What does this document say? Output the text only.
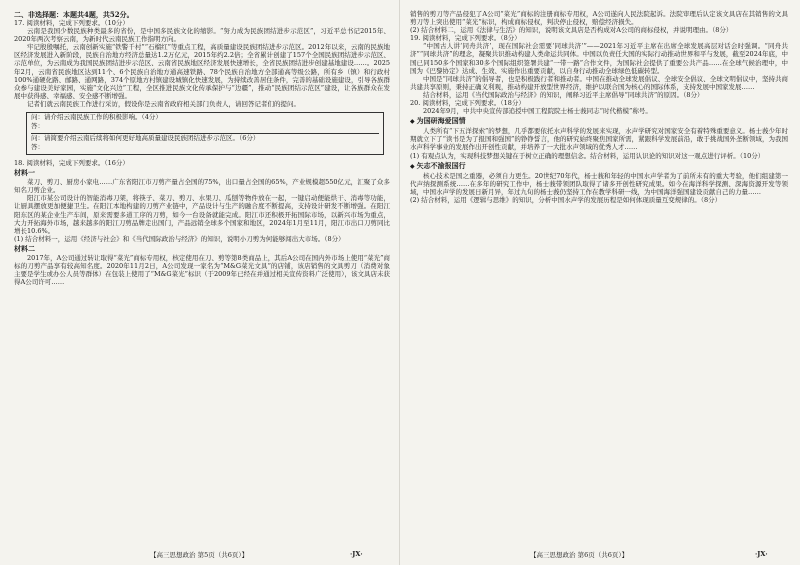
二、非选择题：本题共4题，共52分。

17. 阅读材料，完成下列要求。（10分）

云南是我国少数民族种类最多的省份，是中国多民族文化的缩影。“努力成为民族团结进步示范区”，习近平总书记2015年、2020年两次考察云南，为新时代云南民族工作指明方向。

牢记殷殷嘱托，云南创新实施“铁警千村”“石榴红”等重点工程，高质量建设民族团结进步示范区。2012年以来，云南的民族地区经济发展进入新阶段，民族自治地方经济总量达1.2万亿元，2015年约2.2倍；全省累计创建了157个全国民族团结进步示范区、示范单位，为云南成为我国民族团结进步示范区、云南省民族地区经济发展快速增长，全省民族团结进步创建基地建设……。2025年2月，云南省民族地区达到11个、6个民族自治地方通高速铁路、78个民族自治地方全部通高等级公路，所有乡（镇）和行政村100%通硬化路、邮路、通网路，374个原地方村镇建设城镇化快速发展，为持续改善居住条件，完善的基础设施建设，引导各族群众参与建设美好家园，实施“文化兴边”工程，全区推进民族文化传承保护与“边疆”，推动“民族团结示范区”建设，让各族群众在发展中获得感、幸福感、安全感不断增强。

记者们就云南民族工作进行采访，假设你是云南省政府相关部门负责人，请回答记者们的提问。

问：请介绍云南民族工作的积极影响。（4分）
答：
问：请简要介绍云南后续将如何更好地高质量建设民族团结进步示范区。（6分）
答：

18. 阅读材料，完成下列要求。（16分）

材料一

菜刀、剪刀、厨房小家电……广东省阳江市刀剪产量占全国的75%，出口量占全国的65%，产业规模超550亿元，汇聚了众多知名刀剪企业。

阳江市某公司设计的智能消毒刀架，将筷子、菜刀、剪刀、水果刀、瓜刨等物件放在一起，一键启动便能烘干、消毒等功能，让厨具摆放更加便捷卫生。在阳江本地构建的刀剪产业链中，产品设计与生产的融合度不断提高，支持设计研发不断增强。在阳江阳东区的某企业生产车间，原来需要多道工序的刀剪，如今一台设备就能完成。阳江市还积极开拓国际市场，以新兴市场为重点，大力开拓海外市场，越来越多的阳江刀剪品牌走出国门，产品远销全球多个国家和地区，2024年1月至11月，阳江市出口刀剪同比增长10.6%。

(1) 结合材料一，运用《经济与社会》和《当代国际政治与经济》的知识，说明小刀剪为何能够闯出大市场。（8分）

材料二

2017年，A公司通过转让取得“菜光”商标专用权，核定使用在刀、剪等第8类商品上，其后A公司在国内外市场上使用“菜光”商标的刀剪产品享有较高知名度。2020年11月2日，A公司发现一家名为“M&G菜光文具”的店铺，该店销售的文具剪刀（消费对象主要是学生或办公人员等群体）在包装上使用了“M&G菜光”标识（于2009年已经在并通过相关宣传资料广泛使用），该文具店未获得A公司许可……

销售的剪刀等产品侵犯了A公司“菜光”商标的注册商标专用权，A公司遂向人民法院起诉。法院审理后认定该文具店在其销售的文具剪刀等上突出使用“菜光”标识，构成商标侵权，判决停止侵权，赔偿经济损失。

(2) 结合材料二，运用《法律与生活》的知识，说明该文具店是否构成对A公司的商标侵权，并说明理由。（8分）

19. 阅读材料，完成下列要求。（8分）

“中国古人讲‘同舟共济’，现在国际社会需要‘同球共济’”——2021年习近平主席在出席全球发展高层对话会时强调。“同舟共济”“同球共济”的理念，凝聚共识推动构建人类命运共同体。中国以负责任大国的实际行动推动世界和平与发展，截至2024年底，中国已同150多个国家和30多个国际组织签署共建“一带一路”合作文件，为国际社会提供了重要公共产品……在全球气候治理中，中国为《巴黎协定》达成、生效、实施作出重要贡献，以自身行动推动全球绿色低碳转型。

中国是“同球共济”的倡导者，也是积极践行者和推动者。中国在推动全球发展倡议、全球安全倡议、全球文明倡议中，坚持共商共建共享原则，秉持正确义利观，推动构建开放型世界经济，维护以联合国为核心的国际体系，支持发展中国家发展……

结合材料，运用《当代国际政治与经济》的知识，阐释习近平主席倡导“同球共济”的原因。（8分）

20. 阅读材料，完成下列要求。（18分）

2024年9月，中共中央宣传部追授中国工程院院士杨士莪同志“时代楷模”称号。

◆ 为国研海爱国情

人类所有“下五洋探索”的梦想，几乎都要依托水声科学的发展来实现，水声学研究对国家安全有着特殊重要意义。杨士莪少年时期就立下了“读书是为了报国和强国”的铮铮誓言，他的研究始终聚焦国家所需，紧跟科学发展前沿，敢于挑战国外垄断领域，为我国水声科学事业的发展作出开创性贡献，并培养了一大批水声领域的优秀人才……

(1) 有观点认为，实现科技梦想关键在于树立正确的理想信念。结合材料，运用认识论的知识对这一观点进行评析。（10分）

◆ 矢志不渝报国行

核心技术是国之重器，必须自力更生。20世纪70年代，杨士莪和年轻的中国水声学者为了前所未有的重大考验，他们组建第一代声纳探测系统……在多年的研究工作中，杨士莪带领团队取得了诸多开创性研究成果。如今在海洋科学探测、深海资源开发等领域，中国水声学的发展日新月异，年过九旬的杨士莪仍坚持工作在教学科研一线，为中国海洋强国建设贡献自己的力量……

(2) 结合材料，运用《逻辑与思维》的知识，分析中国水声学的发展历程是如何体现质量互变规律的。（8分）

【高三思想政治 第5页（共6页）】	·JX·	【高三思想政治 第6页（共6页）】	·JX·
